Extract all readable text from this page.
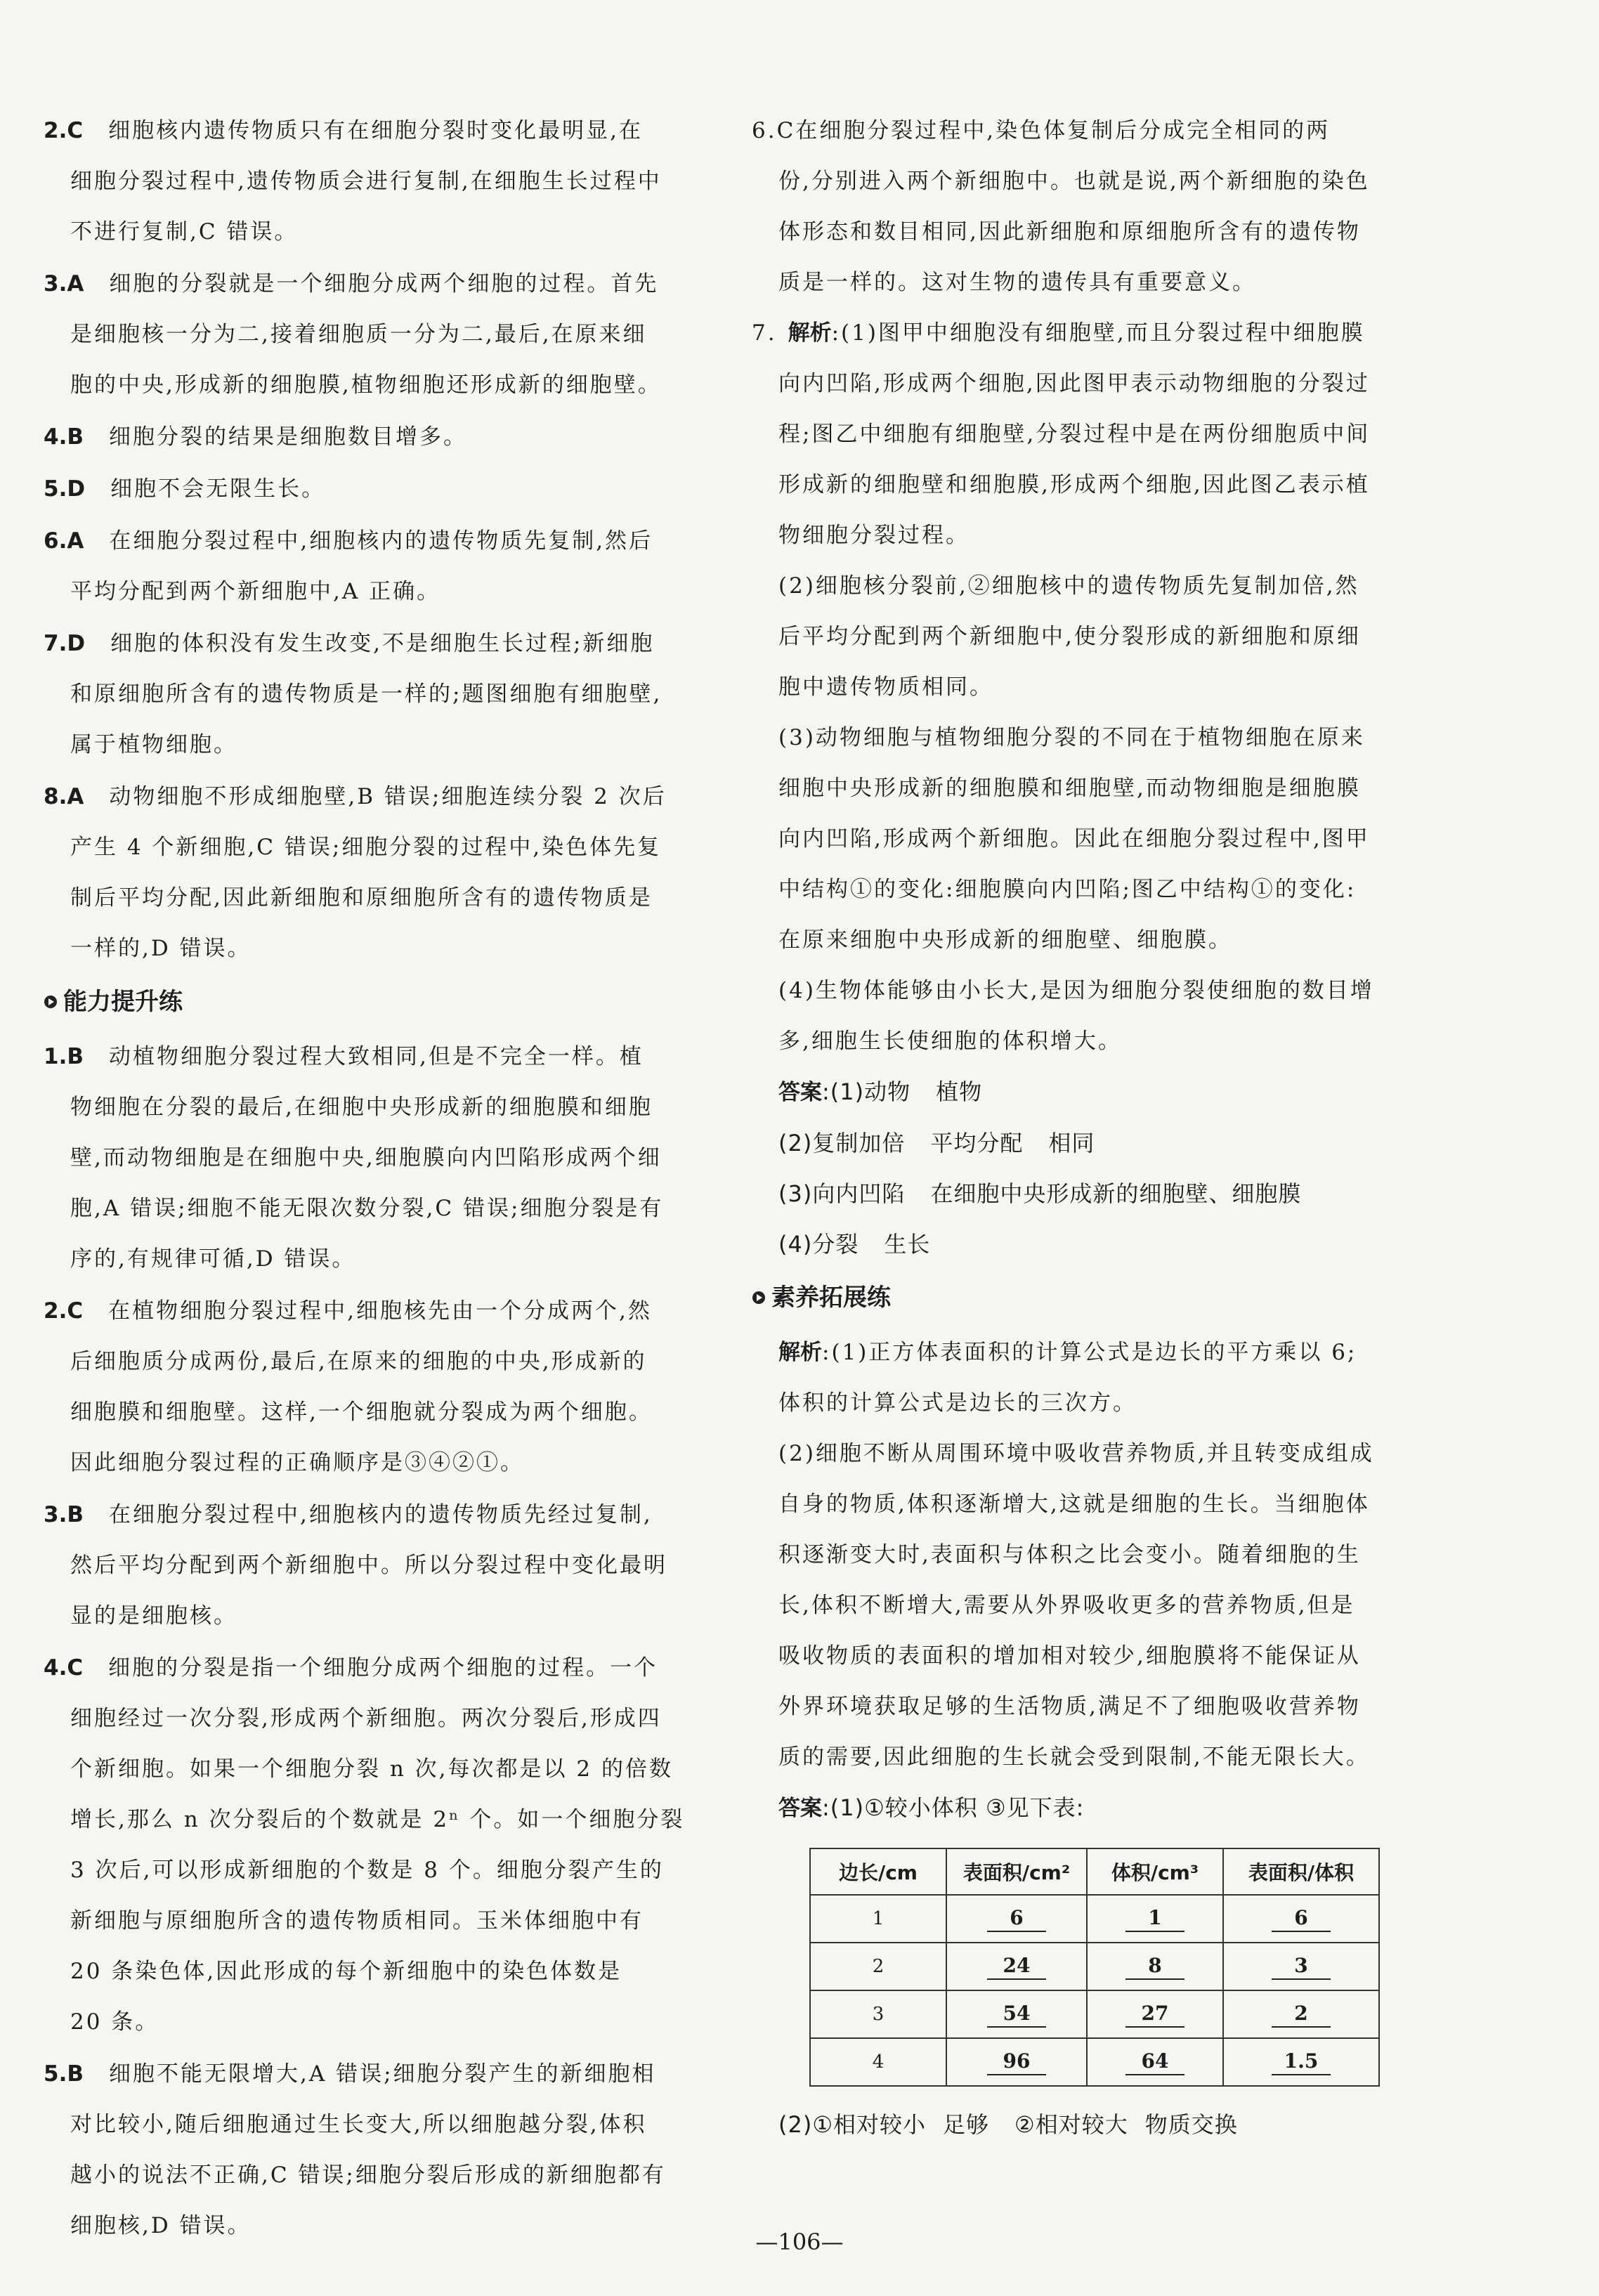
2.C 细胞核内遗传物质只有在细胞分裂时变化最明显,在
细胞分裂过程中,遗传物质会进行复制,在细胞生长过程中
不进行复制,C 错误。
3.A 细胞的分裂就是一个细胞分成两个细胞的过程。首先
是细胞核一分为二,接着细胞质一分为二,最后,在原来细
胞的中央,形成新的细胞膜,植物细胞还形成新的细胞壁。
4.B 细胞分裂的结果是细胞数目增多。
5.D 细胞不会无限生长。
6.A 在细胞分裂过程中,细胞核内的遗传物质先复制,然后
平均分配到两个新细胞中,A 正确。
7.D 细胞的体积没有发生改变,不是细胞生长过程;新细胞
和原细胞所含有的遗传物质是一样的;题图细胞有细胞壁,
属于植物细胞。
8.A 动物细胞不形成细胞壁,B 错误;细胞连续分裂 2 次后
产生 4 个新细胞,C 错误;细胞分裂的过程中,染色体先复
制后平均分配,因此新细胞和原细胞所含有的遗传物质是
一样的,D 错误。
能力提升练
1.B 动植物细胞分裂过程大致相同,但是不完全一样。植
物细胞在分裂的最后,在细胞中央形成新的细胞膜和细胞
壁,而动物细胞是在细胞中央,细胞膜向内凹陷形成两个细
胞,A 错误;细胞不能无限次数分裂,C 错误;细胞分裂是有
序的,有规律可循,D 错误。
2.C 在植物细胞分裂过程中,细胞核先由一个分成两个,然
后细胞质分成两份,最后,在原来的细胞的中央,形成新的
细胞膜和细胞壁。这样,一个细胞就分裂成为两个细胞。
因此细胞分裂过程的正确顺序是③④②①。
3.B 在细胞分裂过程中,细胞核内的遗传物质先经过复制,
然后平均分配到两个新细胞中。所以分裂过程中变化最明
显的是细胞核。
4.C 细胞的分裂是指一个细胞分成两个细胞的过程。一个
细胞经过一次分裂,形成两个新细胞。两次分裂后,形成四
个新细胞。如果一个细胞分裂 n 次,每次都是以 2 的倍数
增长,那么 n 次分裂后的个数就是 2ⁿ 个。如一个细胞分裂
3 次后,可以形成新细胞的个数是 8 个。细胞分裂产生的
新细胞与原细胞所含的遗传物质相同。玉米体细胞中有
20 条染色体,因此形成的每个新细胞中的染色体数是
20 条。
5.B 细胞不能无限增大,A 错误;细胞分裂产生的新细胞相
对比较小,随后细胞通过生长变大,所以细胞越分裂,体积
越小的说法不正确,C 错误;细胞分裂后形成的新细胞都有
细胞核,D 错误。
6.C在细胞分裂过程中,染色体复制后分成完全相同的两
份,分别进入两个新细胞中。也就是说,两个新细胞的染色
体形态和数目相同,因此新细胞和原细胞所含有的遗传物
质是一样的。这对生物的遗传具有重要意义。
7. 解析:(1)图甲中细胞没有细胞壁,而且分裂过程中细胞膜
向内凹陷,形成两个细胞,因此图甲表示动物细胞的分裂过
程;图乙中细胞有细胞壁,分裂过程中是在两份细胞质中间
形成新的细胞壁和细胞膜,形成两个细胞,因此图乙表示植
物细胞分裂过程。
(2)细胞核分裂前,②细胞核中的遗传物质先复制加倍,然
后平均分配到两个新细胞中,使分裂形成的新细胞和原细
胞中遗传物质相同。
(3)动物细胞与植物细胞分裂的不同在于植物细胞在原来
细胞中央形成新的细胞膜和细胞壁,而动物细胞是细胞膜
向内凹陷,形成两个新细胞。因此在细胞分裂过程中,图甲
中结构①的变化:细胞膜向内凹陷;图乙中结构①的变化:
在原来细胞中央形成新的细胞壁、细胞膜。
(4)生物体能够由小长大,是因为细胞分裂使细胞的数目增
多,细胞生长使细胞的体积增大。
答案:(1)动物 植物
(2)复制加倍 平均分配 相同
(3)向内凹陷 在细胞中央形成新的细胞壁、细胞膜
(4)分裂 生长
素养拓展练
解析:(1)正方体表面积的计算公式是边长的平方乘以 6;
体积的计算公式是边长的三次方。
(2)细胞不断从周围环境中吸收营养物质,并且转变成组成
自身的物质,体积逐渐增大,这就是细胞的生长。当细胞体
积逐渐变大时,表面积与体积之比会变小。随着细胞的生
长,体积不断增大,需要从外界吸收更多的营养物质,但是
吸收物质的表面积的增加相对较少,细胞膜将不能保证从
外界环境获取足够的生活物质,满足不了细胞吸收营养物
质的需要,因此细胞的生长就会受到限制,不能无限长大。
答案:(1)①较小体积 ③见下表:
边长/cm	表面积/cm²	体积/cm³	表面积/体积
1	6	1	6
2	24	8	3
3	54	27	2
4	96	64	1.5
(2)①相对较小 足够 ②相对较大 物质交换
—106—
